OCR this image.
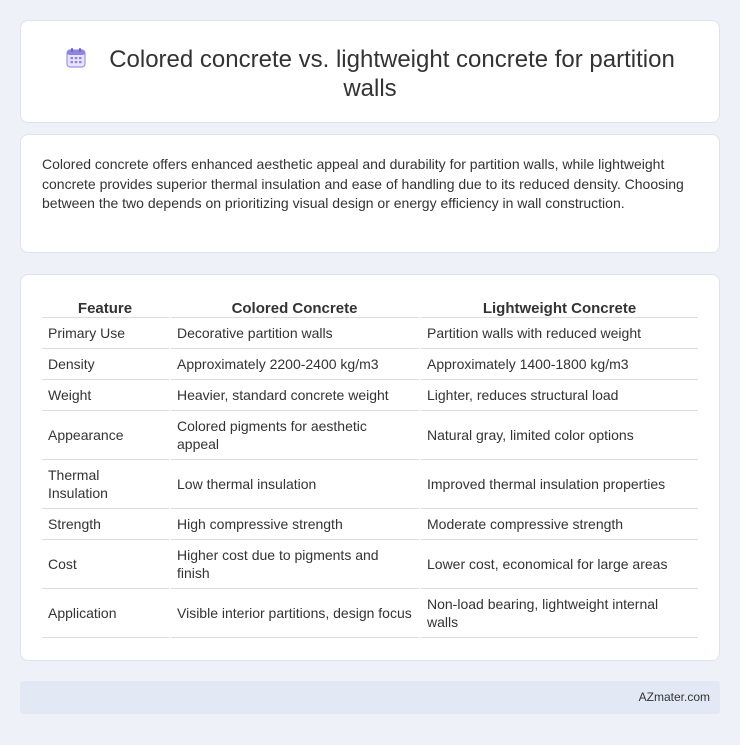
Colored concrete vs. lightweight concrete for partition walls

Colored concrete offers enhanced aesthetic appeal and durability for partition walls, while lightweight concrete provides superior thermal insulation and ease of handling due to its reduced density. Choosing between the two depends on prioritizing visual design or energy efficiency in wall construction.

Feature	Colored Concrete	Lightweight Concrete
Primary Use	Decorative partition walls	Partition walls with reduced weight
Density	Approximately 2200-2400 kg/m3	Approximately 1400-1800 kg/m3
Weight	Heavier, standard concrete weight	Lighter, reduces structural load
Appearance	Colored pigments for aesthetic appeal	Natural gray, limited color options
Thermal Insulation	Low thermal insulation	Improved thermal insulation properties
Strength	High compressive strength	Moderate compressive strength
Cost	Higher cost due to pigments and finish	Lower cost, economical for large areas
Application	Visible interior partitions, design focus	Non-load bearing, lightweight internal walls
AZmater.com
